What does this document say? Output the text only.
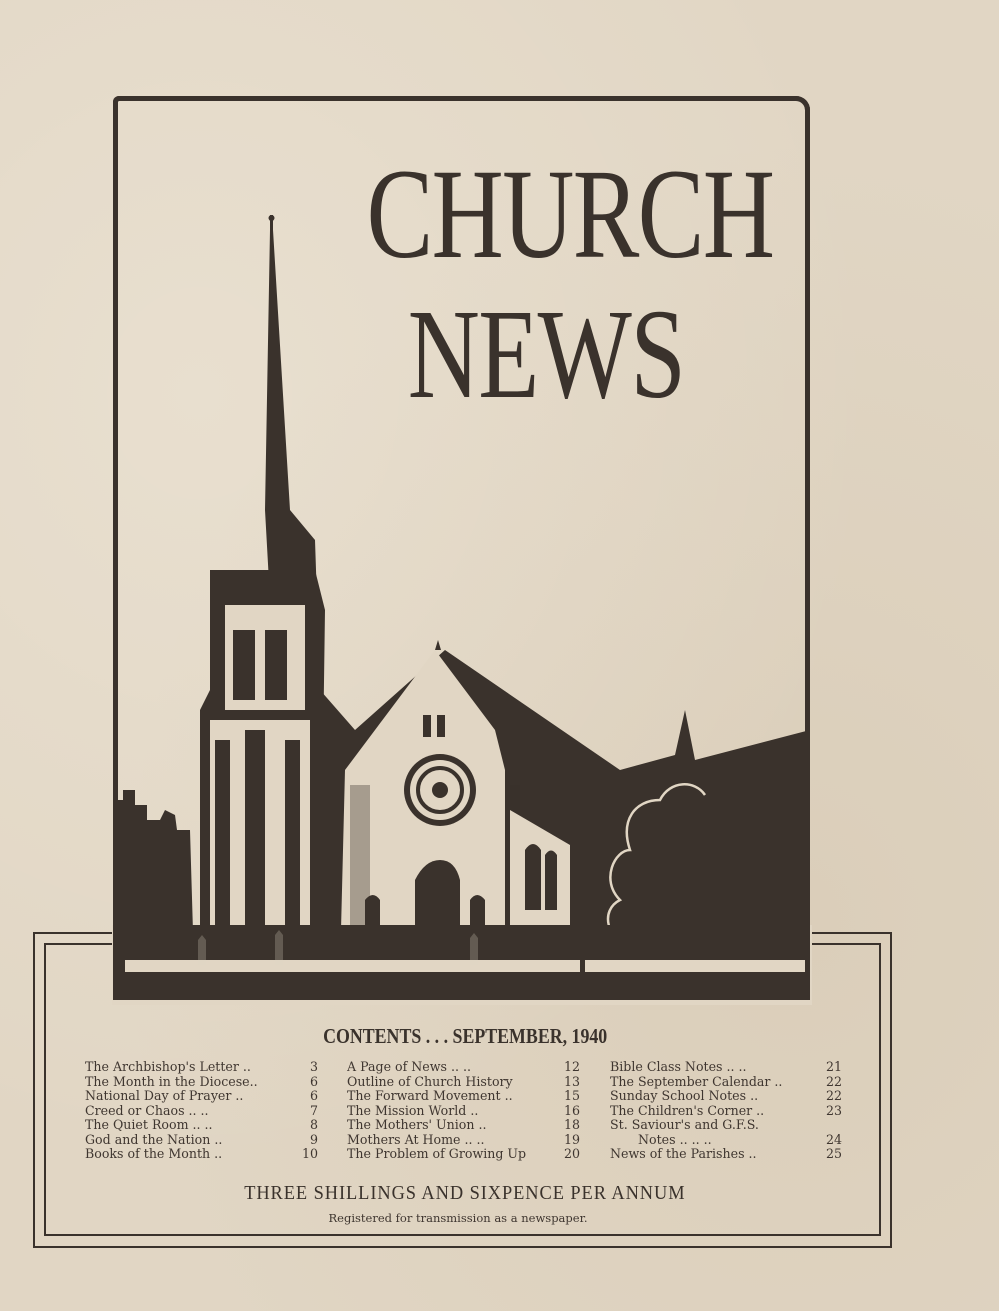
CHURCH
NEWS
CONTENTS . . . SEPTEMBER, 1940
The Archbishop's Letter ..	3
The Month in the Diocese..	6
National Day of Prayer ..	6
Creed or Chaos .. ..	7
The Quiet Room .. ..	8
God and the Nation ..	9
Books of the Month ..	10
A Page of News .. ..	12
Outline of Church History	13
The Forward Movement ..	15
The Mission World ..	16
The Mothers' Union ..	18
Mothers At Home .. ..	19
The Problem of Growing Up	20
Bible Class Notes .. ..	21
The September Calendar ..	22
Sunday School Notes ..	22
The Children's Corner ..	23
St. Saviour's and G.F.S.
Notes .. .. ..	24
News of the Parishes ..	25
THREE SHILLINGS AND SIXPENCE PER ANNUM
Registered for transmission as a newspaper.
